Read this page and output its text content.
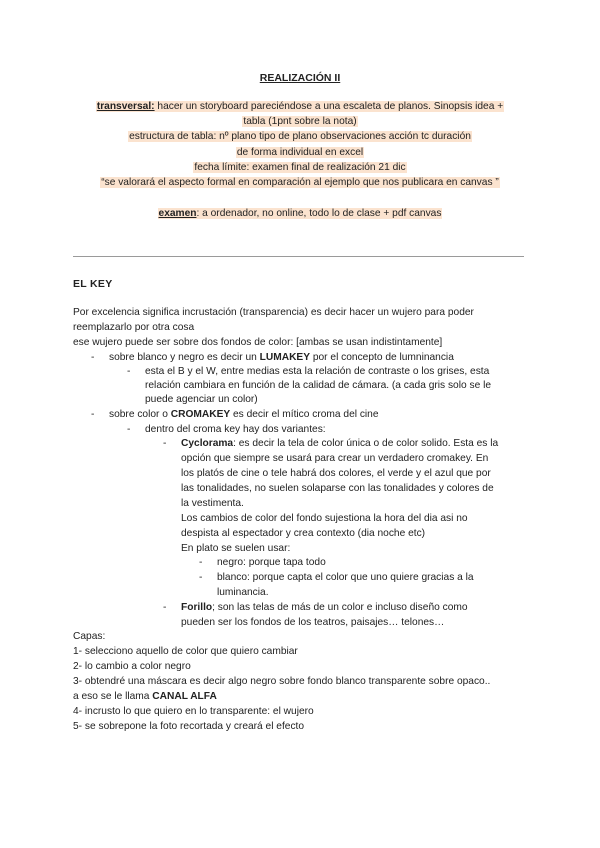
REALIZACIÓN II
transversal: hacer un storyboard pareciéndose a una escaleta de planos. Sinopsis idea +
tabla (1pnt sobre la nota)
estructura de tabla: nº plano tipo de plano observaciones acción tc duración
de forma individual en excel
fecha límite: examen final de realización 21 dic
“se valorará el aspecto formal en comparación al ejemplo que nos publicara en canvas ”
examen: a ordenador, no online, todo lo de clase + pdf canvas
EL KEY
Por excelencia significa incrustación (transparencia) es decir hacer un wujero para poder
reemplazarlo por otra cosa
ese wujero puede ser sobre dos fondos de color: [ambas se usan indistintamente]
- sobre blanco y negro es decir un LUMAKEY por el concepto de lumninancia
- esta el B y el W, entre medias esta la relación de contraste o los grises, esta
relación cambiara en función de la calidad de cámara. (a cada gris solo se le
puede agenciar un color)
- sobre color o CROMAKEY es decir el mítico croma del cine
- dentro del croma key hay dos variantes:
- Cyclorama: es decir la tela de color única o de color solido. Esta es la
opción que siempre se usará para crear un verdadero cromakey. En
los platós de cine o tele habrá dos colores, el verde y el azul que por
las tonalidades, no suelen solaparse con las tonalidades y colores de
la vestimenta.
Los cambios de color del fondo sujestiona la hora del dia asi no
despista al espectador y crea contexto (dia noche etc)
En plato se suelen usar:
- negro: porque tapa todo
- blanco: porque capta el color que uno quiere gracias a la
luminancia.
- Forillo; son las telas de más de un color e incluso diseño como
pueden ser los fondos de los teatros, paisajes… telones…
Capas:
1- selecciono aquello de color que quiero cambiar
2- lo cambio a color negro
3- obtendré una máscara es decir algo negro sobre fondo blanco transparente sobre opaco..
a eso se le llama CANAL ALFA
4- incrusto lo que quiero en lo transparente: el wujero
5- se sobrepone la foto recortada y creará el efecto
